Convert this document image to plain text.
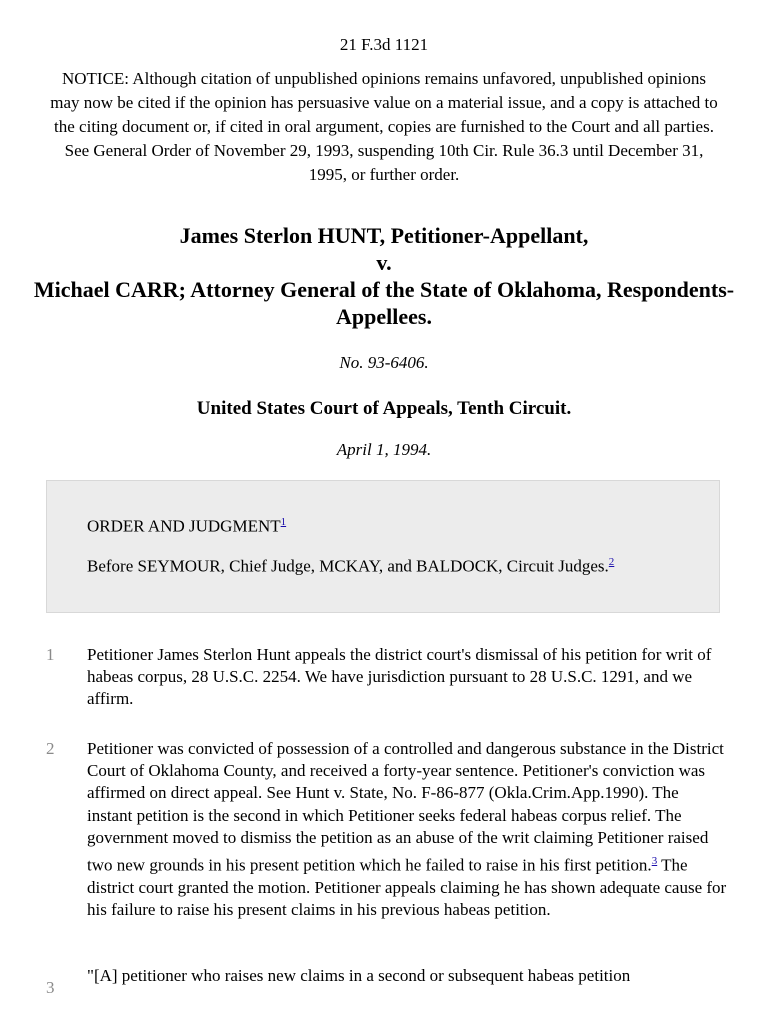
21 F.3d 1121
NOTICE: Although citation of unpublished opinions remains unfavored, unpublished opinions may now be cited if the opinion has persuasive value on a material issue, and a copy is attached to the citing document or, if cited in oral argument, copies are furnished to the Court and all parties. See General Order of November 29, 1993, suspending 10th Cir. Rule 36.3 until December 31, 1995, or further order.
James Sterlon HUNT, Petitioner-Appellant,
v.
Michael CARR; Attorney General of the State of Oklahoma, Respondents-Appellees.
No. 93-6406.
United States Court of Appeals, Tenth Circuit.
April 1, 1994.
ORDER AND JUDGMENT$^1$
Before SEYMOUR, Chief Judge, MCKAY, and BALDOCK, Circuit Judges.$^2$
1	Petitioner James Sterlon Hunt appeals the district court's dismissal of his petition for writ of habeas corpus, 28 U.S.C. 2254. We have jurisdiction pursuant to 28 U.S.C. 1291, and we affirm.
2	Petitioner was convicted of possession of a controlled and dangerous substance in the District Court of Oklahoma County, and received a forty-year sentence. Petitioner's conviction was affirmed on direct appeal. See Hunt v. State, No. F-86-877 (Okla.Crim.App.1990). The instant petition is the second in which Petitioner seeks federal habeas corpus relief. The government moved to dismiss the petition as an abuse of the writ claiming Petitioner raised two new grounds in his present petition which he failed to raise in his first petition.$^3$ The district court granted the motion. Petitioner appeals claiming he has shown adequate cause for his failure to raise his present claims in his previous habeas petition.
3
"[A] petitioner who raises new claims in a second or subsequent habeas petition
